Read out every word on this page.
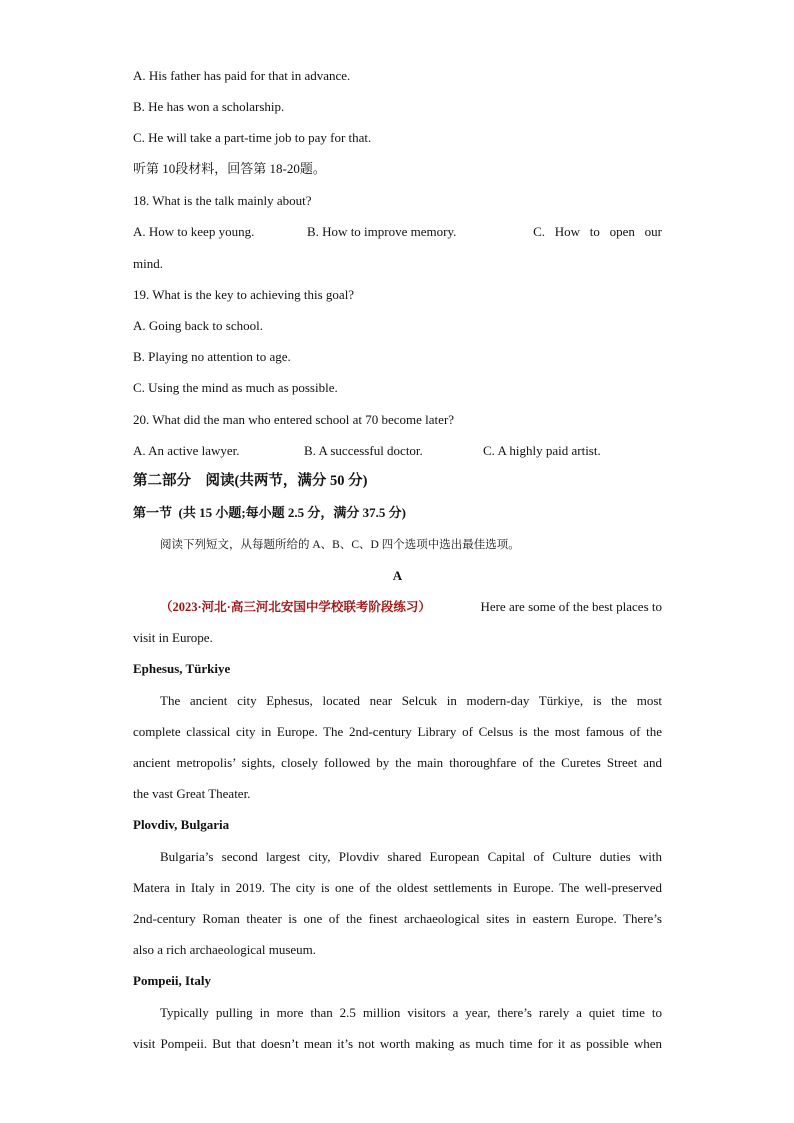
A. His father has paid for that in advance.
B. He has won a scholarship.
C. He will take a part-time job to pay for that.
听第 10段材料，回答第 18-20题。
18. What is the talk mainly about?
A. How to keep young.	B. How to improve memory.	C.   How   to   open   our
mind.
19. What is the key to achieving this goal?
A. Going back to school.
B. Playing no attention to age.
C. Using the mind as much as possible.
20. What did the man who entered school at 70 become later?
A. An active lawyer.	B. A successful doctor.	C. A highly paid artist.
第二部分　阅读(共两节，满分 50 分)
第一节  (共 15 小题;每小题 2.5 分，满分 37.5 分)
阅读下列短文，从每题所给的 A、B、C、D 四个选项中选出最佳选项。
A
（2023·河北·高三河北安国中学校联考阶段练习）	Here are some of the best places to
visit in Europe.
Ephesus, Türkiye
The ancient city Ephesus, located near Selcuk in modern-day Türkiye, is the most
complete classical city in Europe. The 2nd-century Library of Celsus is the most famous of the
ancient metropolis’ sights, closely followed by the main thoroughfare of the Curetes Street and
the vast Great Theater.
Plovdiv, Bulgaria
Bulgaria’s second largest city, Plovdiv shared European Capital of Culture duties with
Matera in Italy in 2019. The city is one of the oldest settlements in Europe. The well-preserved
2nd-century Roman theater is one of the finest archaeological sites in eastern Europe. There’s
also a rich archaeological museum.
Pompeii, Italy
Typically pulling in more than 2.5 million visitors a year, there’s rarely a quiet time to
visit Pompeii. But that doesn’t mean it’s not worth making as much time for it as possible when
